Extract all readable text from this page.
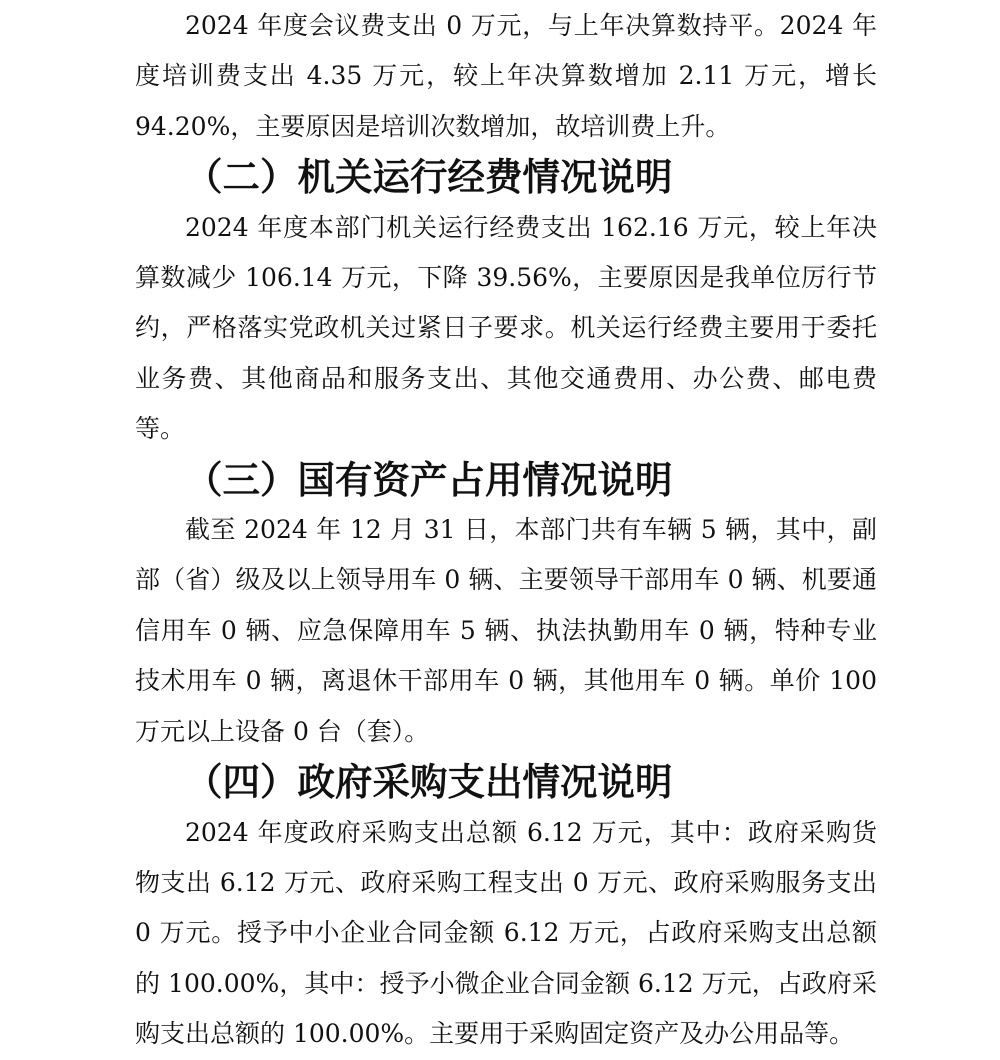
2024 年度会议费支出 0 万元，与上年决算数持平。2024 年度培训费支出 4.35 万元，较上年决算数增加 2.11 万元，增长 94.20%，主要原因是培训次数增加，故培训费上升。

（二）机关运行经费情况说明

2024 年度本部门机关运行经费支出 162.16 万元，较上年决算数减少 106.14 万元，下降 39.56%，主要原因是我单位厉行节约，严格落实党政机关过紧日子要求。机关运行经费主要用于委托业务费、其他商品和服务支出、其他交通费用、办公费、邮电费等。

（三）国有资产占用情况说明

截至 2024 年 12 月 31 日，本部门共有车辆 5 辆，其中，副部（省）级及以上领导用车 0 辆、主要领导干部用车 0 辆、机要通信用车 0 辆、应急保障用车 5 辆、执法执勤用车 0 辆，特种专业技术用车 0 辆，离退休干部用车 0 辆，其他用车 0 辆。单价 100 万元以上设备 0 台（套）。

（四）政府采购支出情况说明

2024 年度政府采购支出总额 6.12 万元，其中：政府采购货物支出 6.12 万元、政府采购工程支出 0 万元、政府采购服务支出 0 万元。授予中小企业合同金额 6.12 万元，占政府采购支出总额的 100.00%，其中：授予小微企业合同金额 6.12 万元，占政府采购支出总额的 100.00%。主要用于采购固定资产及办公用品等。
